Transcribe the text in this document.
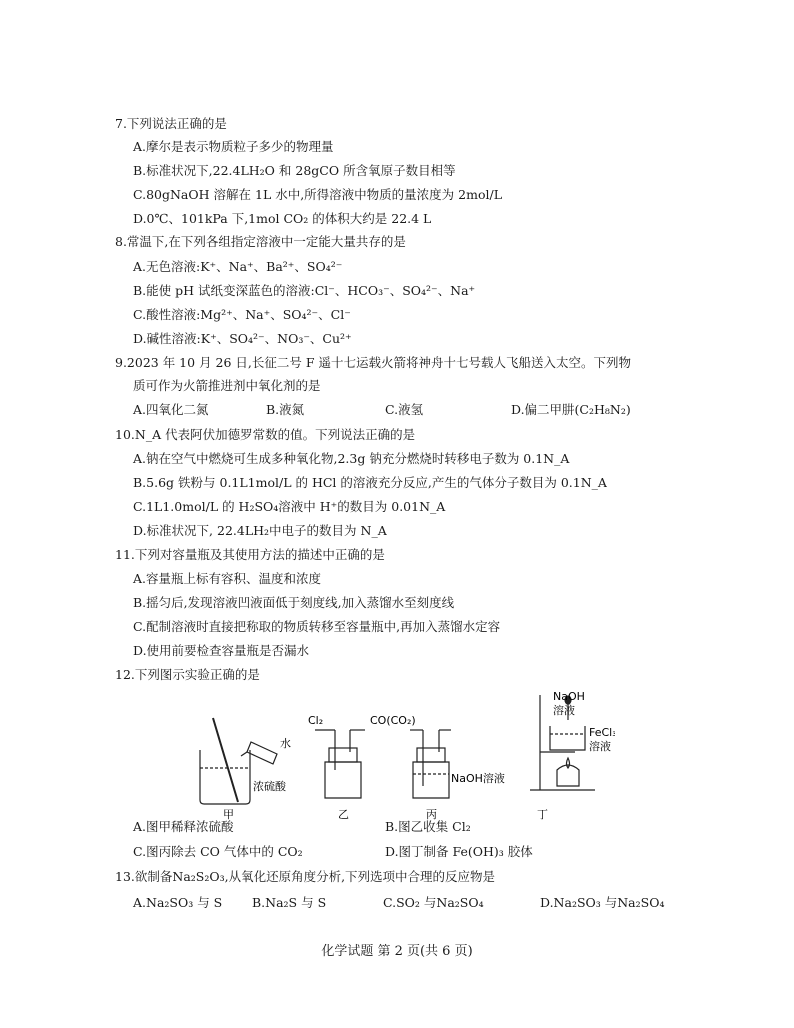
7.下列说法正确的是
A.摩尔是表示物质粒子多少的物理量
B.标准状况下,22.4LH₂O 和 28gCO 所含氧原子数目相等
C.80gNaOH 溶解在 1L 水中,所得溶液中物质的量浓度为 2mol/L
D.0℃、101kPa 下,1mol CO₂ 的体积大约是 22.4 L
8.常温下,在下列各组指定溶液中一定能大量共存的是
A.无色溶液:K⁺、Na⁺、Ba²⁺、SO₄²⁻
B.能使 pH 试纸变深蓝色的溶液:Cl⁻、HCO₃⁻、SO₄²⁻、Na⁺
C.酸性溶液:Mg²⁺、Na⁺、SO₄²⁻、Cl⁻
D.碱性溶液:K⁺、SO₄²⁻、NO₃⁻、Cu²⁺
9.2023 年 10 月 26 日,长征二号 F 遥十七运载火箭将神舟十七号载人飞船送入太空。下列物
质可作为火箭推进剂中氧化剂的是
A.四氧化二氮	B.液氮	C.液氢	D.偏二甲肼(C₂H₈N₂)
10.N_A 代表阿伏加德罗常数的值。下列说法正确的是
A.钠在空气中燃烧可生成多种氧化物,2.3g 钠充分燃烧时转移电子数为 0.1N_A
B.5.6g 铁粉与 0.1L1mol/L 的 HCl 的溶液充分反应,产生的气体分子数目为 0.1N_A
C.1L1.0mol/L 的 H₂SO₄溶液中 H⁺的数目为 0.01N_A
D.标准状况下, 22.4LH₂中电子的数目为 N_A
11.下列对容量瓶及其使用方法的描述中正确的是
A.容量瓶上标有容积、温度和浓度
B.摇匀后,发现溶液凹液面低于刻度线,加入蒸馏水至刻度线
C.配制溶液时直接把称取的物质转移至容量瓶中,再加入蒸馏水定容
D.使用前要检查容量瓶是否漏水
12.下列图示实验正确的是
水
浓硫酸
Cl₂	CO(CO₂)
NaOH溶液
NaOH
溶液
FeCl₃
溶液
甲	乙	丙	丁
A.图甲稀释浓硫酸	B.图乙收集 Cl₂
C.图丙除去 CO 气体中的 CO₂	D.图丁制备 Fe(OH)₃ 胶体
13.欲制备Na₂S₂O₃,从氧化还原角度分析,下列选项中合理的反应物是
A.Na₂SO₃ 与 S B.Na₂S 与 S	C.SO₂ 与Na₂SO₄	D.Na₂SO₃ 与Na₂SO₄
化学试题 第 2 页(共 6 页)
